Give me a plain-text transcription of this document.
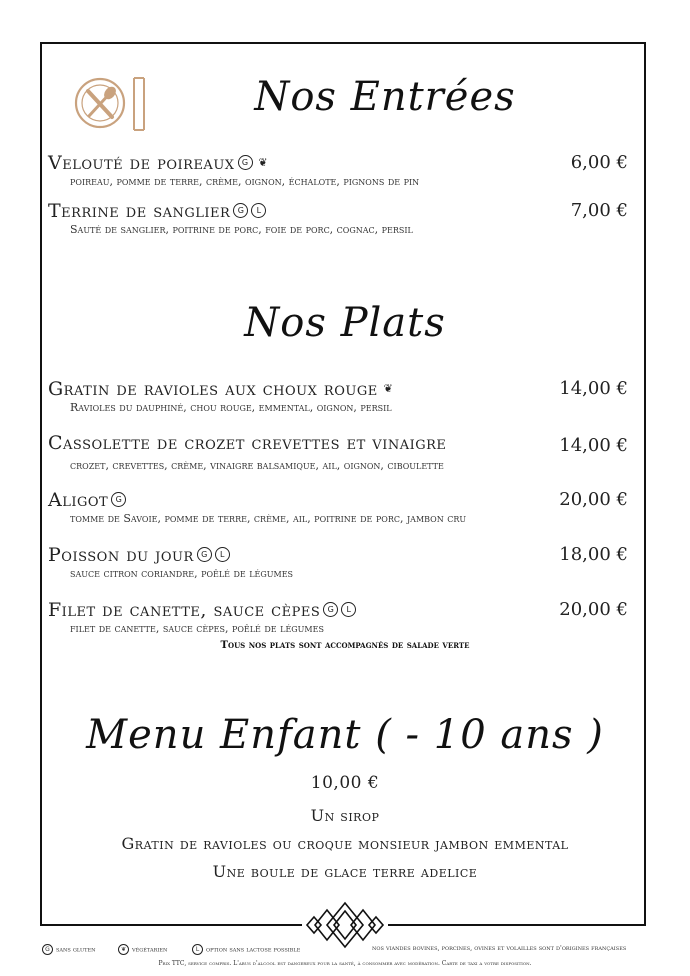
Nos Entrées
Nos Plats
Menu Enfant ( - 10 ans )
Velouté de poireaux G ❦	6,00 €
poireau, pomme de terre, crème, oignon, échalote, pignons de pin
Terrine de sanglier G L	7,00 €
Sauté de sanglier, poitrine de porc, foie de porc, cognac, persil
Gratin de ravioles aux choux rouge ❦	14,00 €
Ravioles du dauphiné, chou rouge, emmental, oignon, persil
Cassolette de crozet crevettes et vinaigre	14,00 €
crozet, crevettes, crème, vinaigre balsamique, ail, oignon, ciboulette
Aligot G	20,00 €
tomme de Savoie, pomme de terre, crème, ail, poitrine de porc, jambon cru
Poisson du jour G L	18,00 €
sauce citron coriandre, poêlé de légumes
Filet de canette, sauce cèpes G L	20,00 €
filet de canette, sauce cèpes, poêlé de légumes
Tous nos plats sont accompagnés de salade verte
10,00 €
Un sirop
Gratin de ravioles ou croque monsieur jambon emmental
Une boule de glace terre adelice
G sans gluten	❦ végétarien	L option sans lactose possible	nos viandes bovines, porcines, ovines et volailles sont d'origines françaises
Prix TTC, service compris. L'abus d'alcool est dangereux pour la santé, à consommer avec modération. Carte de taxi a votre disposition.
